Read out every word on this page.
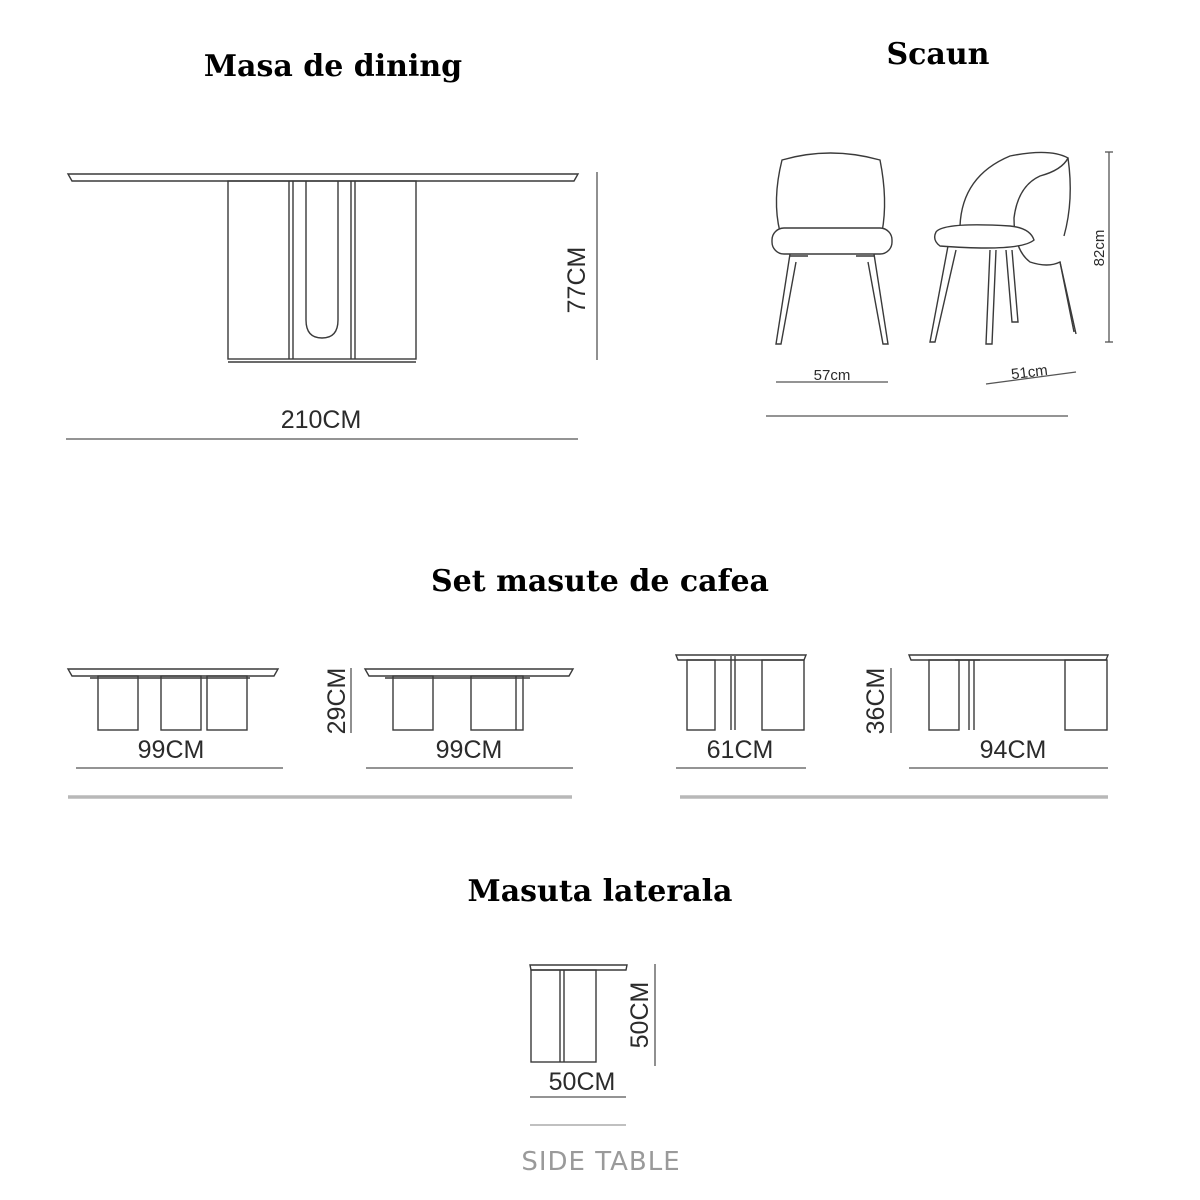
Masa de dining
77CM
210CM
Scaun
82cm
57cm	51cm
Set masute de cafea
99CM
29CM
99CM	61CM
36CM
94CM
Masuta laterala
50CM
50CM
SIDE TABLE
